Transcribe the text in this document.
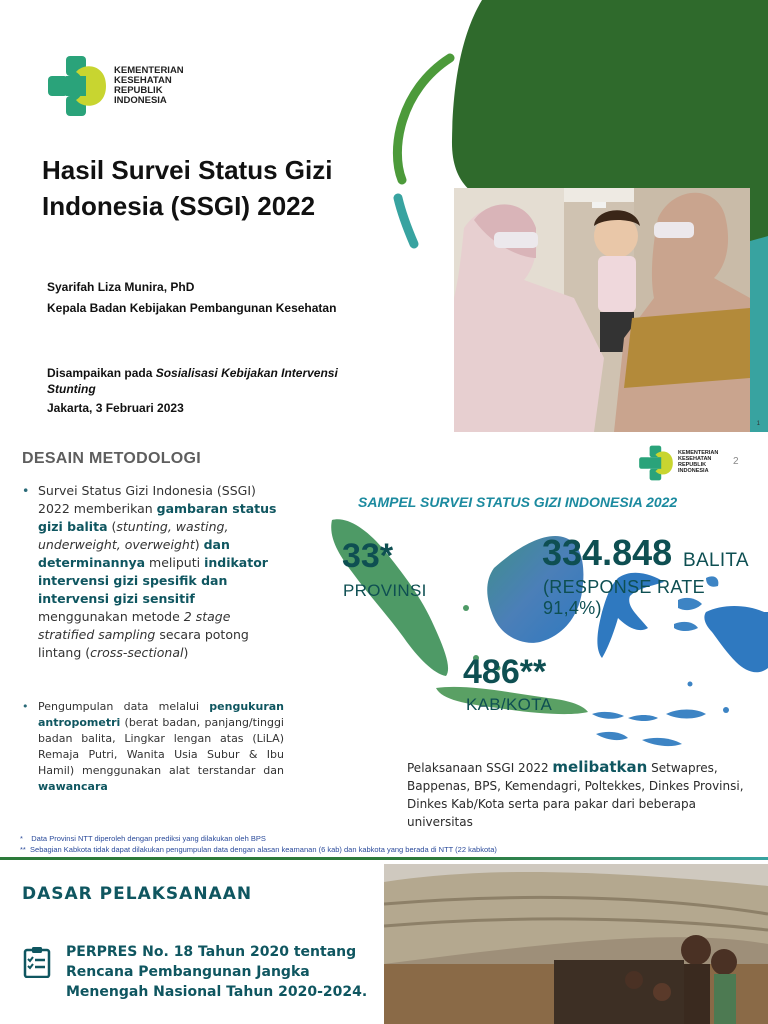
KEMENTERIAN
KESEHATAN
REPUBLIK
INDONESIA
Hasil Survei Status Gizi
Indonesia (SSGI) 2022
Syarifah Liza Munira, PhD
Kepala Badan Kebijakan Pembangunan Kesehatan
Disampaikan pada Sosialisasi Kebijakan Intervensi Stunting
Jakarta, 3 Februari 2023
1
DESAIN METODOLOGI	KEMENTERIAN
KESEHATAN
REPUBLIK
INDONESIA
2
• Survei Status Gizi Indonesia (SSGI) 2022 memberikan gambaran status gizi balita (stunting, wasting, underweight, overweight) dan determinannya meliputi indikator intervensi gizi spesifik dan intervensi gizi sensitif menggunakan metode 2 stage stratified sampling secara potong lintang (cross-sectional)
• Pengumpulan data melalui pengukuran antropometri (berat badan, panjang/tinggi badan balita, Lingkar lengan atas (LiLA) Remaja Putri, Wanita Usia Subur & Ibu Hamil) menggunakan alat terstandar dan wawancara
SAMPEL SURVEI STATUS GIZI INDONESIA 2022
33*
PROVINSI
334.848 BALITA
(RESPONSE RATE 91,4%)
486**
KAB/KOTA
Pelaksanaan SSGI 2022 melibatkan Setwapres, Bappenas, BPS, Kemendagri, Poltekkes, Dinkes Provinsi, Dinkes Kab/Kota serta para pakar dari beberapa universitas
* Data Provinsi NTT diperoleh dengan prediksi yang dilakukan oleh BPS
** Sebagian Kabkota tidak dapat dilakukan pengumpulan data dengan alasan keamanan (6 kab) dan kabkota yang berada di NTT (22 kabkota)
DASAR PELAKSANAAN
PERPRES No. 18 Tahun 2020 tentang
Rencana Pembangunan Jangka
Menengah Nasional Tahun 2020-2024.
